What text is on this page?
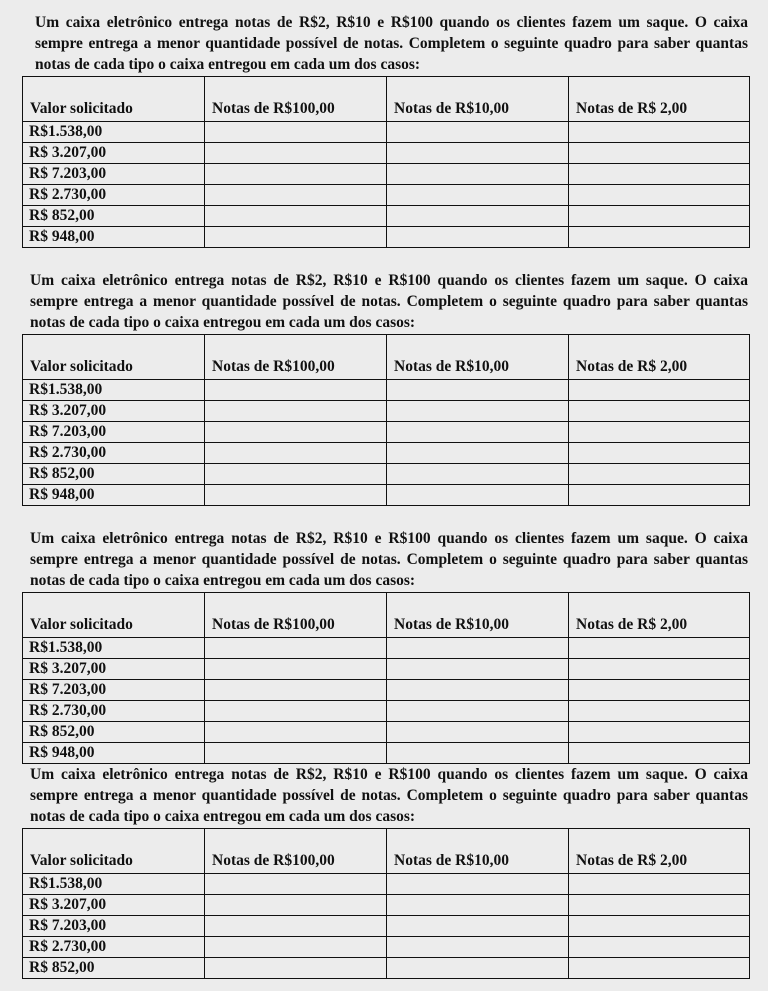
Um caixa eletrônico entrega notas de R$2, R$10 e R$100 quando os clientes fazem um saque. O caixa sempre entrega a menor quantidade possível de notas. Completem o seguinte quadro para saber quantas notas de cada tipo o caixa entregou em cada um dos casos:
Valor solicitado	Notas de R$100,00	Notas de R$10,00	Notas de R$ 2,00
R$1.538,00			
R$ 3.207,00			
R$ 7.203,00			
R$ 2.730,00			
R$ 852,00			
R$ 948,00			
Um caixa eletrônico entrega notas de R$2, R$10 e R$100 quando os clientes fazem um saque. O caixa sempre entrega a menor quantidade possível de notas. Completem o seguinte quadro para saber quantas notas de cada tipo o caixa entregou em cada um dos casos:
Valor solicitado	Notas de R$100,00	Notas de R$10,00	Notas de R$ 2,00
R$1.538,00			
R$ 3.207,00			
R$ 7.203,00			
R$ 2.730,00			
R$ 852,00			
R$ 948,00			
Um caixa eletrônico entrega notas de R$2, R$10 e R$100 quando os clientes fazem um saque. O caixa sempre entrega a menor quantidade possível de notas. Completem o seguinte quadro para saber quantas notas de cada tipo o caixa entregou em cada um dos casos:
Valor solicitado	Notas de R$100,00	Notas de R$10,00	Notas de R$ 2,00
R$1.538,00			
R$ 3.207,00			
R$ 7.203,00			
R$ 2.730,00			
R$ 852,00			
R$ 948,00			
Um caixa eletrônico entrega notas de R$2, R$10 e R$100 quando os clientes fazem um saque. O caixa sempre entrega a menor quantidade possível de notas. Completem o seguinte quadro para saber quantas notas de cada tipo o caixa entregou em cada um dos casos:
Valor solicitado	Notas de R$100,00	Notas de R$10,00	Notas de R$ 2,00
R$1.538,00			
R$ 3.207,00			
R$ 7.203,00			
R$ 2.730,00			
R$ 852,00			
